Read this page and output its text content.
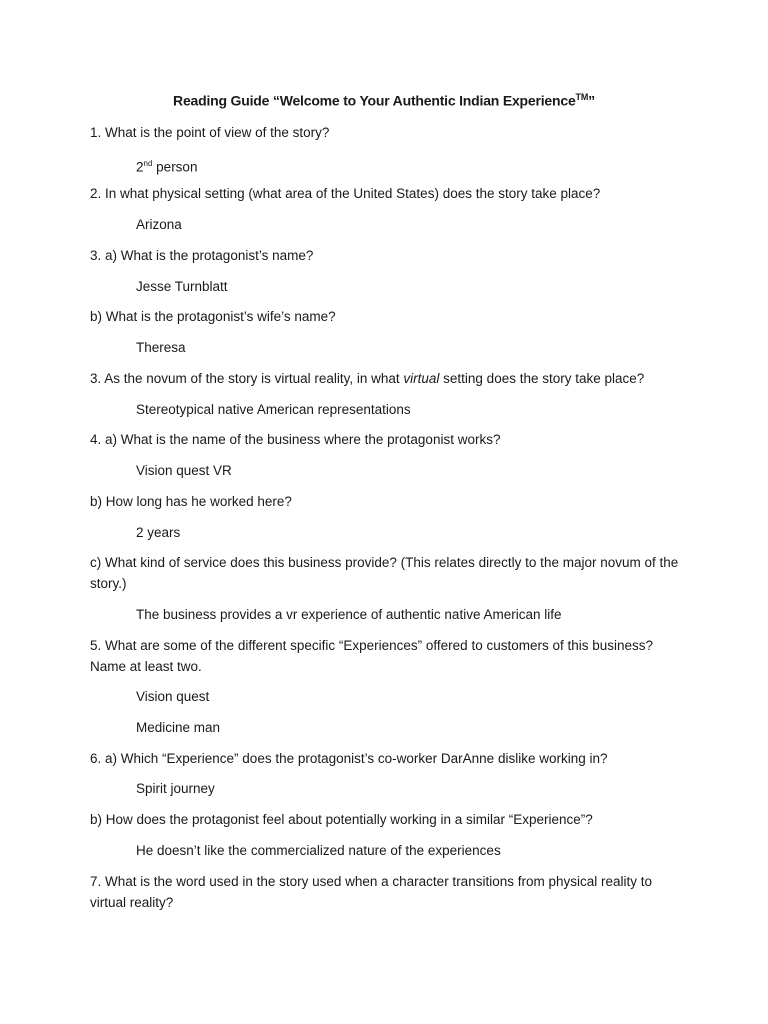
Reading Guide “Welcome to Your Authentic Indian Experience™”
1. What is the point of view of the story?
2nd person
2. In what physical setting (what area of the United States) does the story take place?
Arizona
3. a) What is the protagonist’s name?
Jesse Turnblatt
b) What is the protagonist’s wife’s name?
Theresa
3. As the novum of the story is virtual reality, in what virtual setting does the story take place?
Stereotypical native American representations
4. a) What is the name of the business where the protagonist works?
Vision quest VR
b) How long has he worked here?
2 years
c) What kind of service does this business provide? (This relates directly to the major novum of the story.)
The business provides a vr experience of authentic native American life
5. What are some of the different specific “Experiences” offered to customers of this business? Name at least two.
Vision quest
Medicine man
6. a) Which “Experience” does the protagonist’s co-worker DarAnne dislike working in?
Spirit journey
b) How does the protagonist feel about potentially working in a similar “Experience”?
He doesn’t like the commercialized nature of the experiences
7. What is the word used in the story used when a character transitions from physical reality to virtual reality?
